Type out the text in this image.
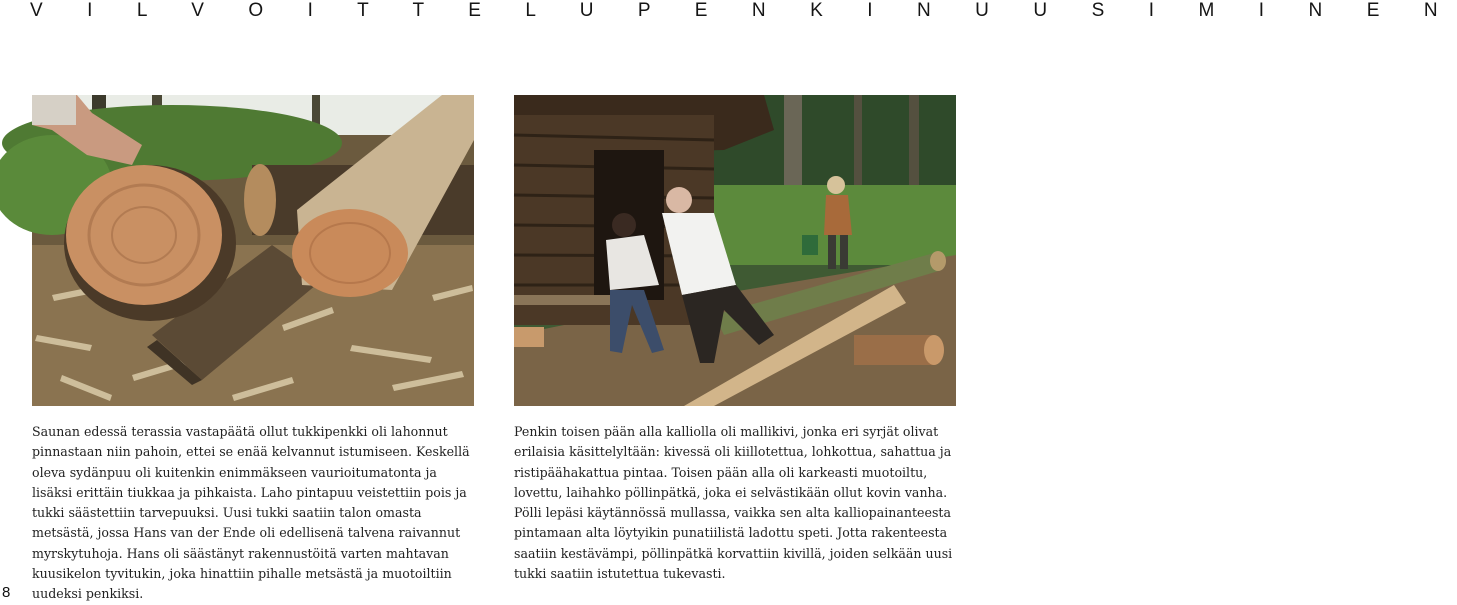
V I L V O I T T E L U P E N K I N U U S I M I N E N

Saunan edessä terassia vastapäätä ollut tukkipenkki oli lahonnut pinnastaan niin pahoin, ettei se enää kelvannut istumiseen. Keskellä oleva sydänpuu oli kuitenkin enimmäkseen vaurioitumatonta ja lisäksi erittäin tiukkaa ja pihkaista. Laho pintapuu veistettiin pois ja tukki säästettiin tarvepuuksi. Uusi tukki saatiin talon omasta metsästä, jossa Hans van der Ende oli edellisenä talvena raivannut myrskytuhoja. Hans oli säästänyt rakennustöitä varten mahtavan kuusikelon tyvitukin, joka hinattiin pihalle metsästä ja muotoiltiin uudeksi penkiksi.

Penkin toisen pään alla kalliolla oli mallikivi, jonka eri syrjät olivat erilaisia käsittelyltään: kivessä oli kiillotettua, lohkottua, sahattua ja ristipäähakattua pintaa. Toisen pään alla oli karkeasti muotoiltu, lovettu, laihahko pöllinpätkä, joka ei selvästikään ollut kovin vanha. Pölli lepäsi käytännössä mullassa, vaikka sen alta kalliopainanteesta pintamaan alta löytyikin punatiilistä ladottu speti. Jotta rakenteesta saatiin kestävämpi, pöllinpätkä korvattiin kivillä, joiden selkään uusi tukki saatiin istutettua tukevasti.

8
